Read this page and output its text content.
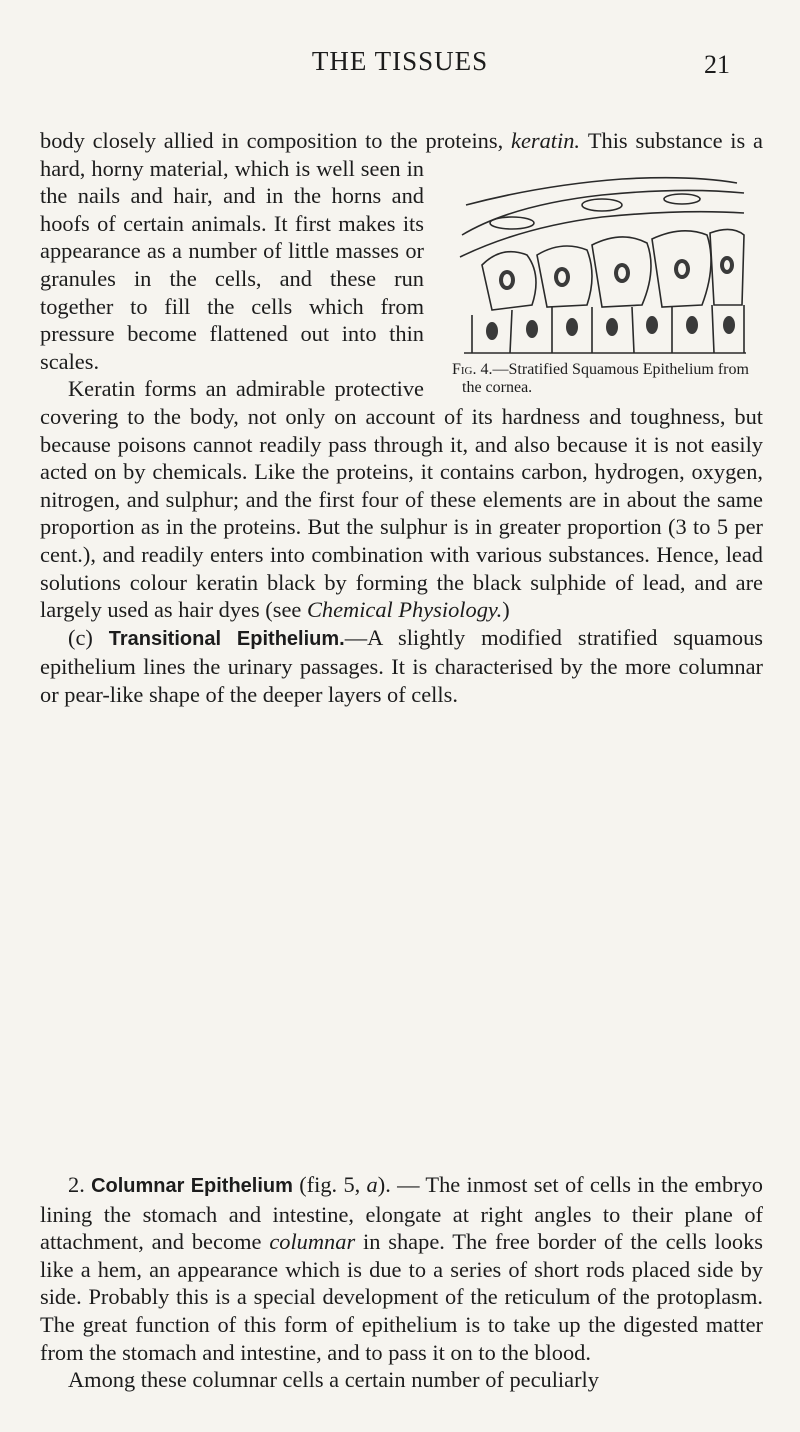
THE TISSUES	21

body closely allied in composition to the proteins, keratin.
Fig. 4.—Stratified Squamous Epithelium from the cornea.
This substance is a hard, horny material, which is well seen in the nails and hair, and in the horns and hoofs of certain animals. It first makes its appearance as a number of little masses or granules in the cells, and these run together to fill the cells which from pressure become flattened out into thin scales.

Keratin forms an admirable protective covering to the body, not only on account of its hardness and toughness, but because poisons cannot readily pass through it, and also because it is not easily acted on by chemicals. Like the proteins, it contains carbon, hydrogen, oxygen, nitrogen, and sulphur; and the first four of these elements are in about the same proportion as in the proteins. But the sulphur is in greater proportion (3 to 5 per cent.), and readily enters into combination with various substances. Hence, lead solutions colour keratin black by forming the black sulphide of lead, and are largely used as hair dyes (see Chemical Physiology.)

(c) Transitional Epithelium.—A slightly modified stratified squamous epithelium lines the urinary passages. It is characterised by the more columnar or pear-like shape of the deeper layers of cells.

2. Columnar Epithelium (fig. 5, a). — The inmost set of cells in the embryo lining the stomach and intestine, elongate at right angles to their plane of attachment, and become columnar in shape. The free border of the cells looks like a hem, an appearance which is due to a series of short rods placed side by side. Probably this is a special development of the reticulum of the protoplasm. The great function of this form of epithelium is to take up the digested matter from the stomach and intestine, and to pass it on to the blood.

Among these columnar cells a certain number of peculiarly
